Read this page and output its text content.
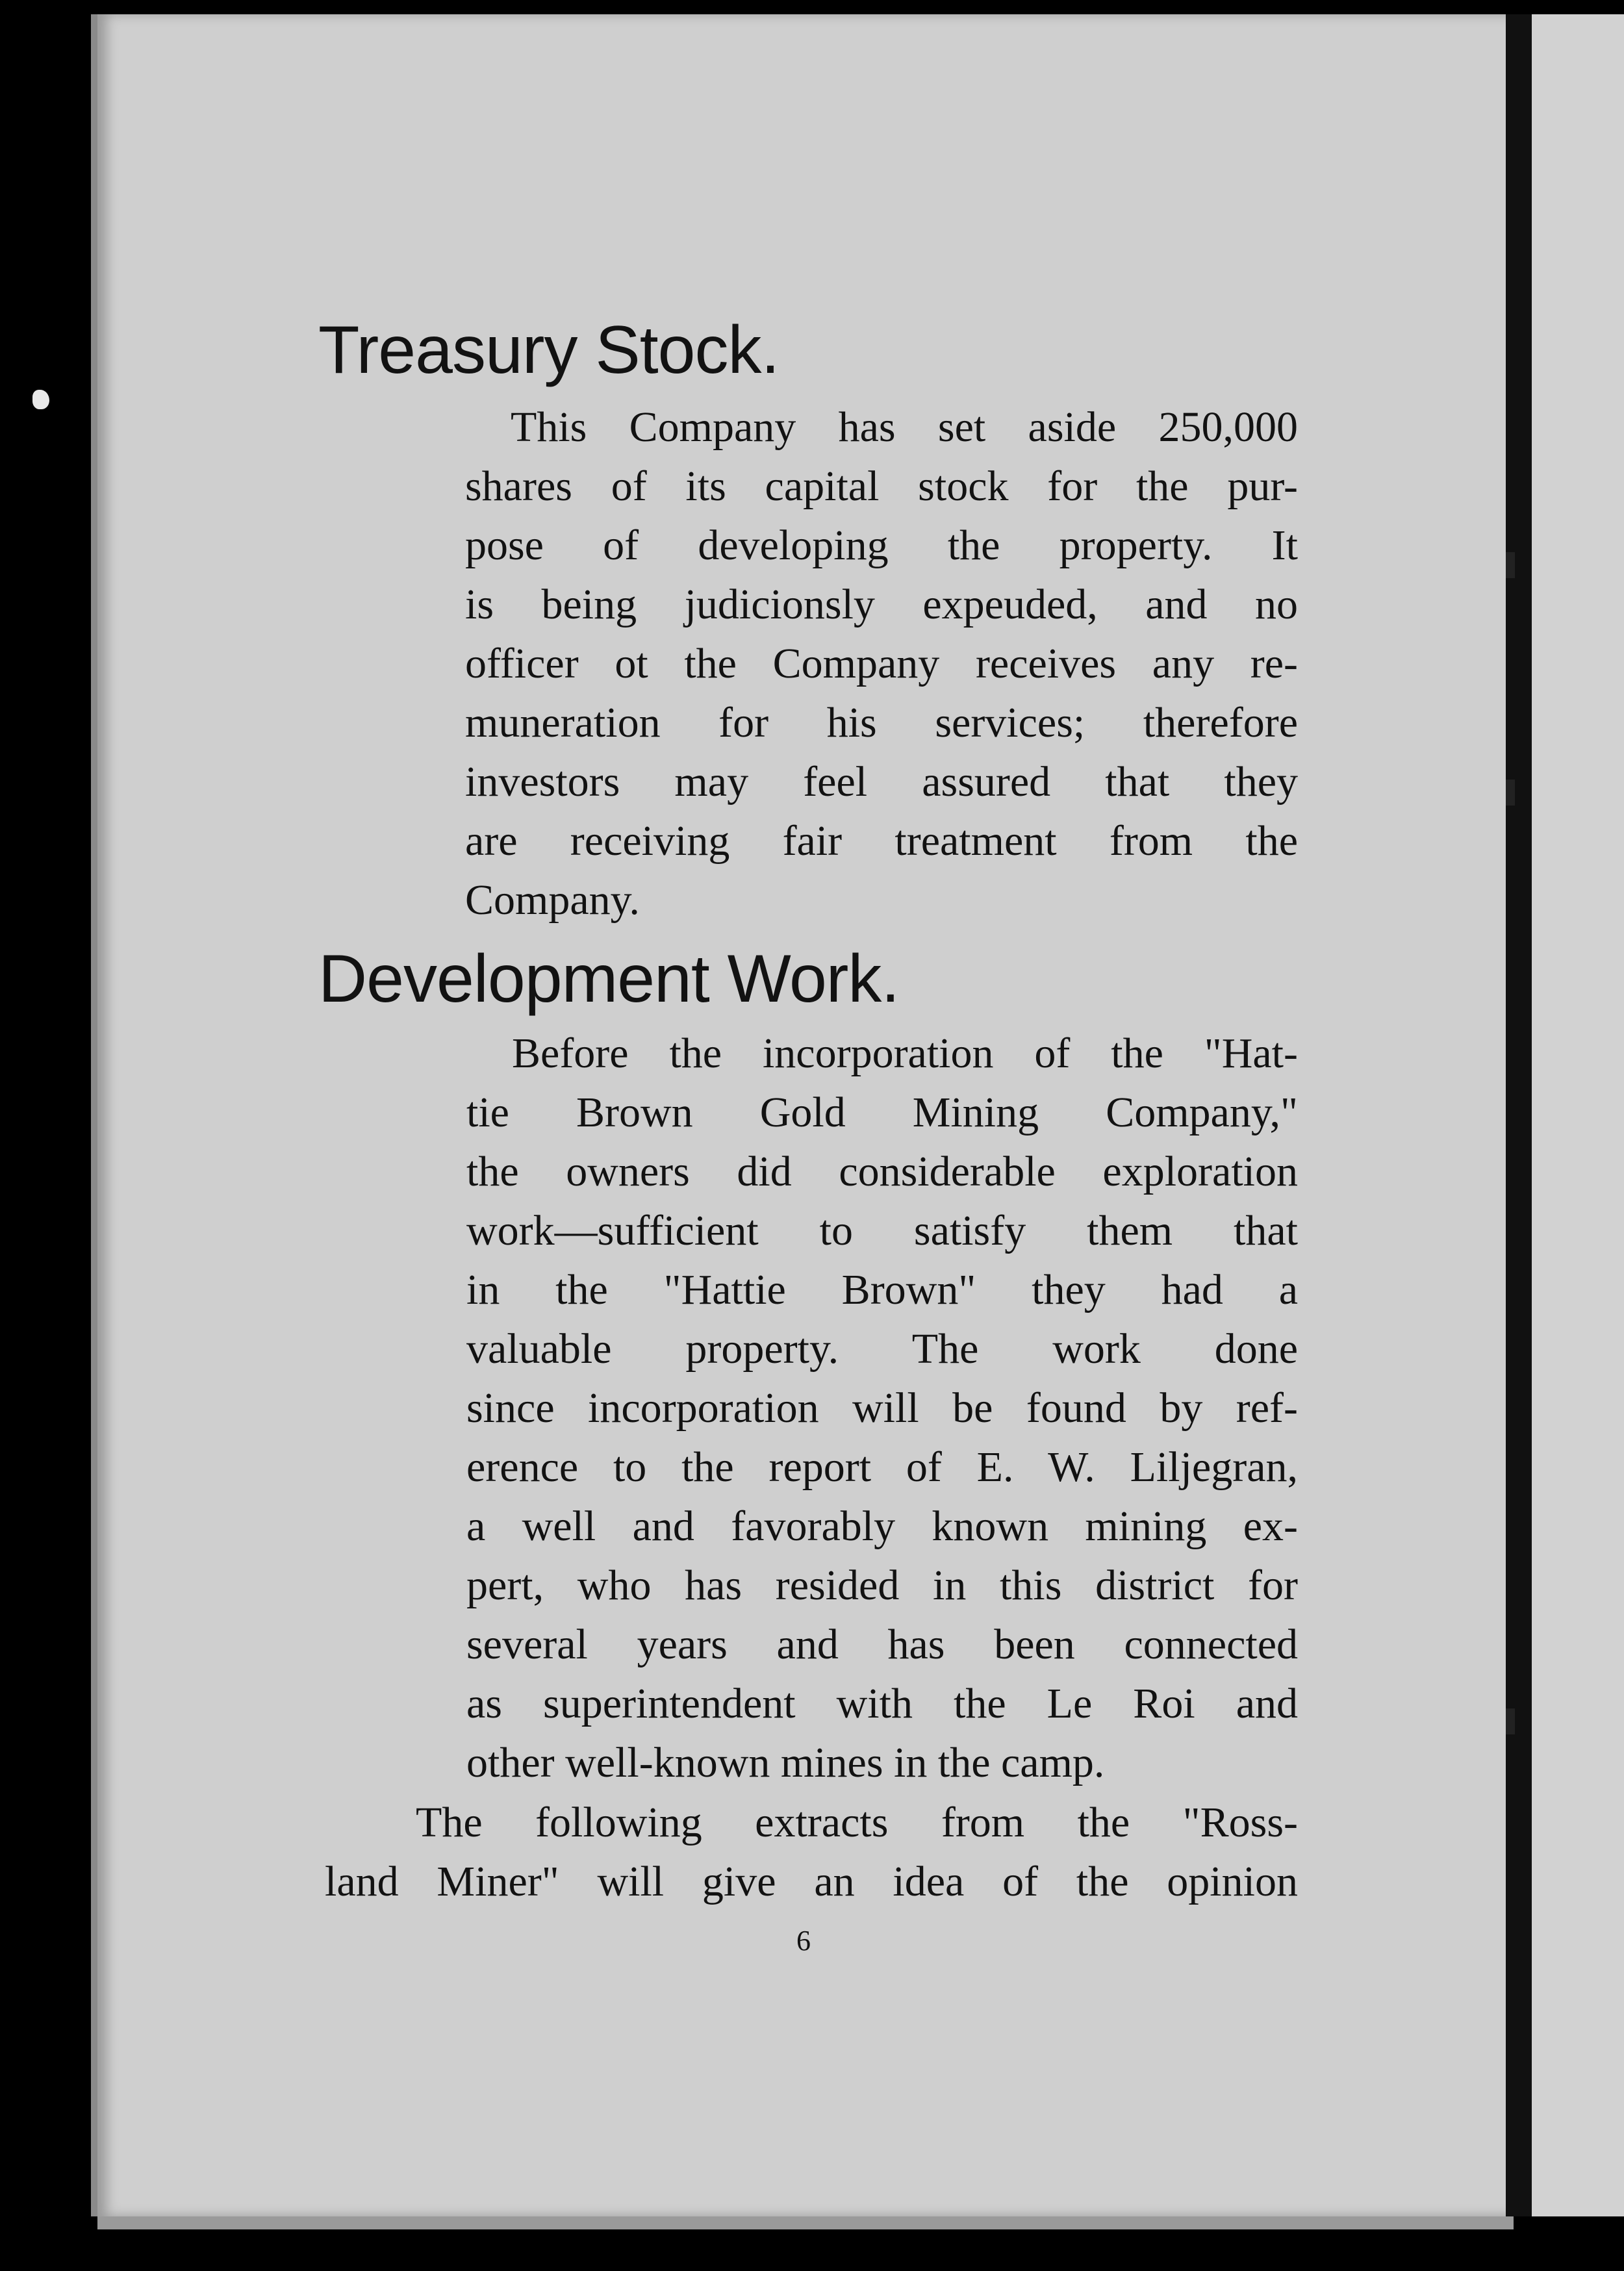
Treasury Stock.
This Company has set aside 250,000
shares of its capital stock for the pur-
pose of developing the property. It
is being judicionsly expeuded, and no
officer ot the Company receives any re-
muneration for his services; therefore
investors may feel assured that they
are receiving fair treatment from the
Company.
Development Work.
Before the incorporation of the "Hat-
tie Brown Gold Mining Company,"
the owners did considerable exploration
work—sufficient to satisfy them that
in the "Hattie Brown" they had a
valuable property. The work done
since incorporation will be found by ref-
erence to the report of E. W. Liljegran,
a well and favorably known mining ex-
pert, who has resided in this district for
several years and has been connected
as superintendent with the Le Roi and
other well-known mines in the camp.
The following extracts from the "Ross-
land Miner" will give an idea of the opinion
6
